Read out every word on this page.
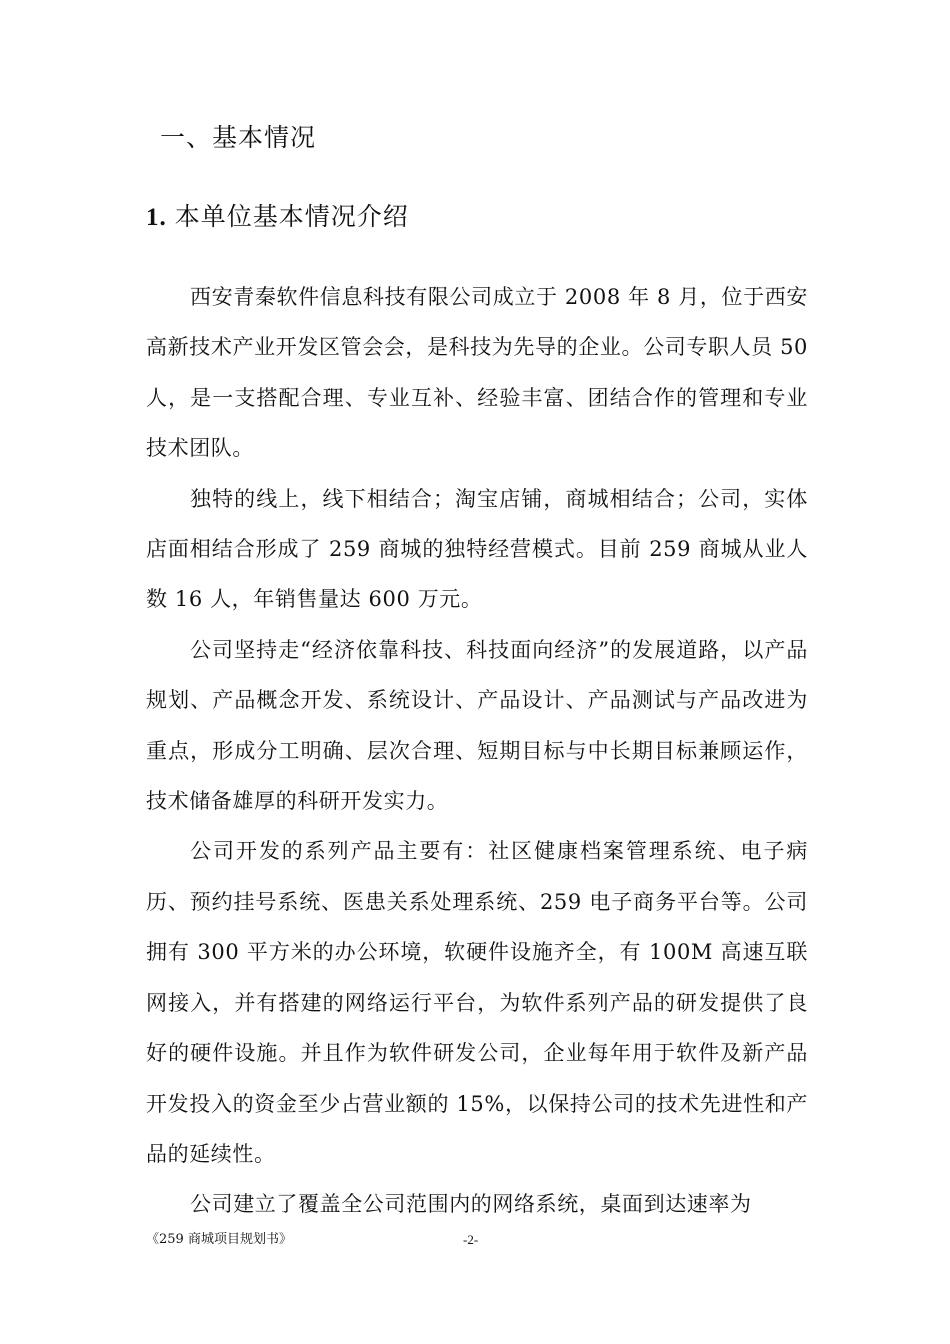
一、基本情况
1. 本单位基本情况介绍

西安青秦软件信息科技有限公司成立于 2008 年 8 月，位于西安高新技术产业开发区管会会，是科技为先导的企业。公司专职人员 50 人，是一支搭配合理、专业互补、经验丰富、团结合作的管理和专业技术团队。

独特的线上，线下相结合；淘宝店铺，商城相结合；公司，实体店面相结合形成了 259 商城的独特经营模式。目前 259 商城从业人数 16 人，年销售量达 600 万元。

公司坚持走“经济依靠科技、科技面向经济”的发展道路，以产品规划、产品概念开发、系统设计、产品设计、产品测试与产品改进为重点，形成分工明确、层次合理、短期目标与中长期目标兼顾运作，技术储备雄厚的科研开发实力。

公司开发的系列产品主要有：社区健康档案管理系统、电子病历、预约挂号系统、医患关系处理系统、259 电子商务平台等。公司拥有 300 平方米的办公环境，软硬件设施齐全，有 100M 高速互联网接入，并有搭建的网络运行平台，为软件系列产品的研发提供了良好的硬件设施。并且作为软件研发公司，企业每年用于软件及新产品开发投入的资金至少占营业额的 15%，以保持公司的技术先进性和产品的延续性。

公司建立了覆盖全公司范围内的网络系统，桌面到达速率为

《259 商城项目规划书》	-2-
